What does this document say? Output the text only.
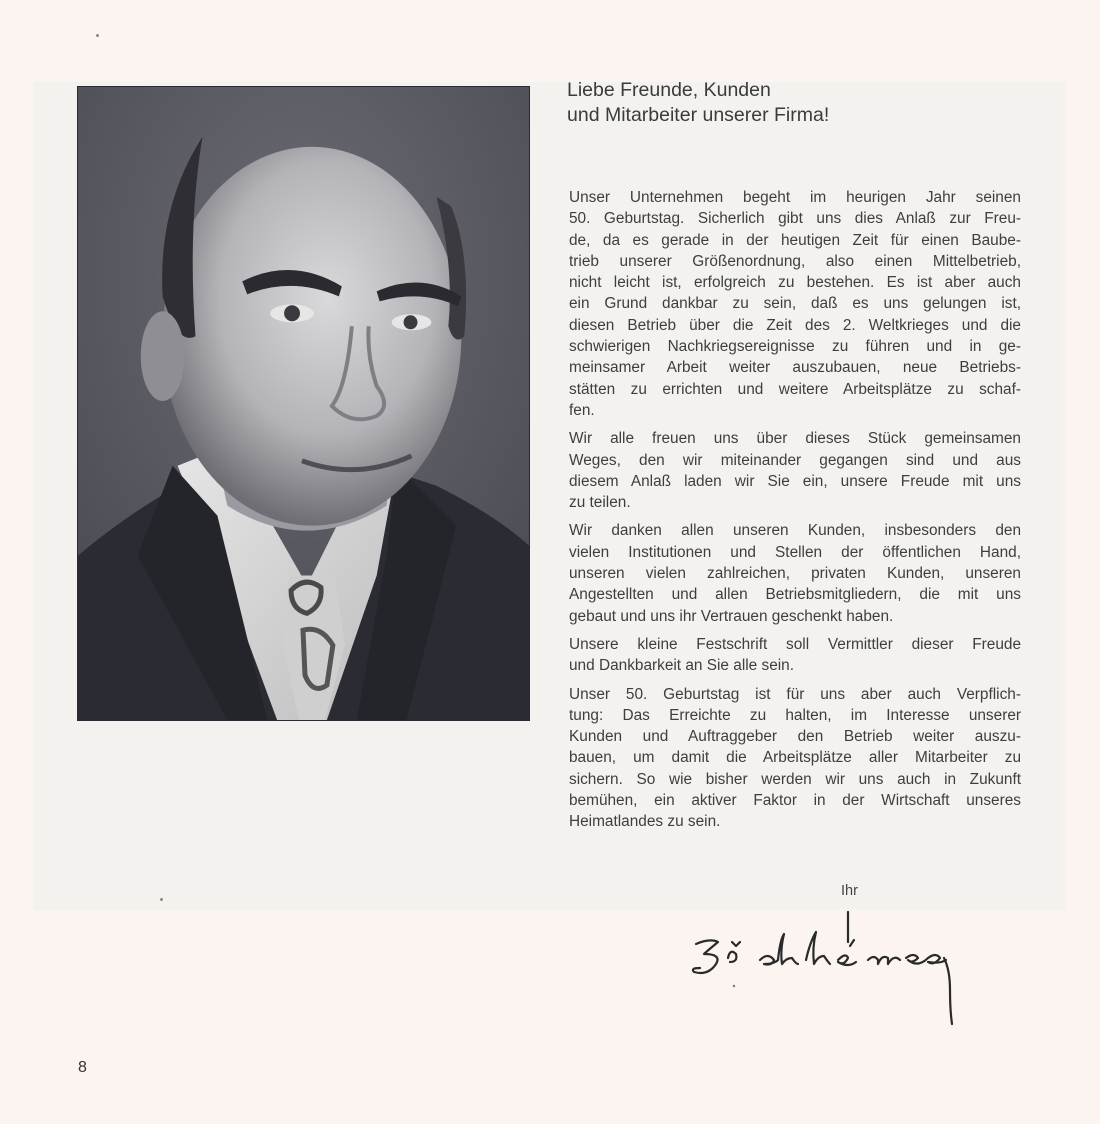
Liebe Freunde, Kunden
und Mitarbeiter unserer Firma!

Unser Unternehmen begeht im heurigen Jahr seinen
50. Geburtstag. Sicherlich gibt uns dies Anlaß zur Freu-
de, da es gerade in der heutigen Zeit für einen Baube-
trieb unserer Größenordnung, also einen Mittelbetrieb,
nicht leicht ist, erfolgreich zu bestehen. Es ist aber auch
ein Grund dankbar zu sein, daß es uns gelungen ist,
diesen Betrieb über die Zeit des 2. Weltkrieges und die
schwierigen Nachkriegsereignisse zu führen und in ge-
meinsamer Arbeit weiter auszubauen, neue Betriebs-
stätten zu errichten und weitere Arbeitsplätze zu schaf-
fen.

Wir alle freuen uns über dieses Stück gemeinsamen
Weges, den wir miteinander gegangen sind und aus
diesem Anlaß laden wir Sie ein, unsere Freude mit uns
zu teilen.

Wir danken allen unseren Kunden, insbesonders den
vielen Institutionen und Stellen der öffentlichen Hand,
unseren vielen zahlreichen, privaten Kunden, unseren
Angestellten und allen Betriebsmitgliedern, die mit uns
gebaut und uns ihr Vertrauen geschenkt haben.

Unsere kleine Festschrift soll Vermittler dieser Freude
und Dankbarkeit an Sie alle sein.

Unser 50. Geburtstag ist für uns aber auch Verpflich-
tung: Das Erreichte zu halten, im Interesse unserer
Kunden und Auftraggeber den Betrieb weiter auszu-
bauen, um damit die Arbeitsplätze aller Mitarbeiter zu
sichern. So wie bisher werden wir uns auch in Zukunft
bemühen, ein aktiver Faktor in der Wirtschaft unseres
Heimatlandes zu sein.

Ihr
8
